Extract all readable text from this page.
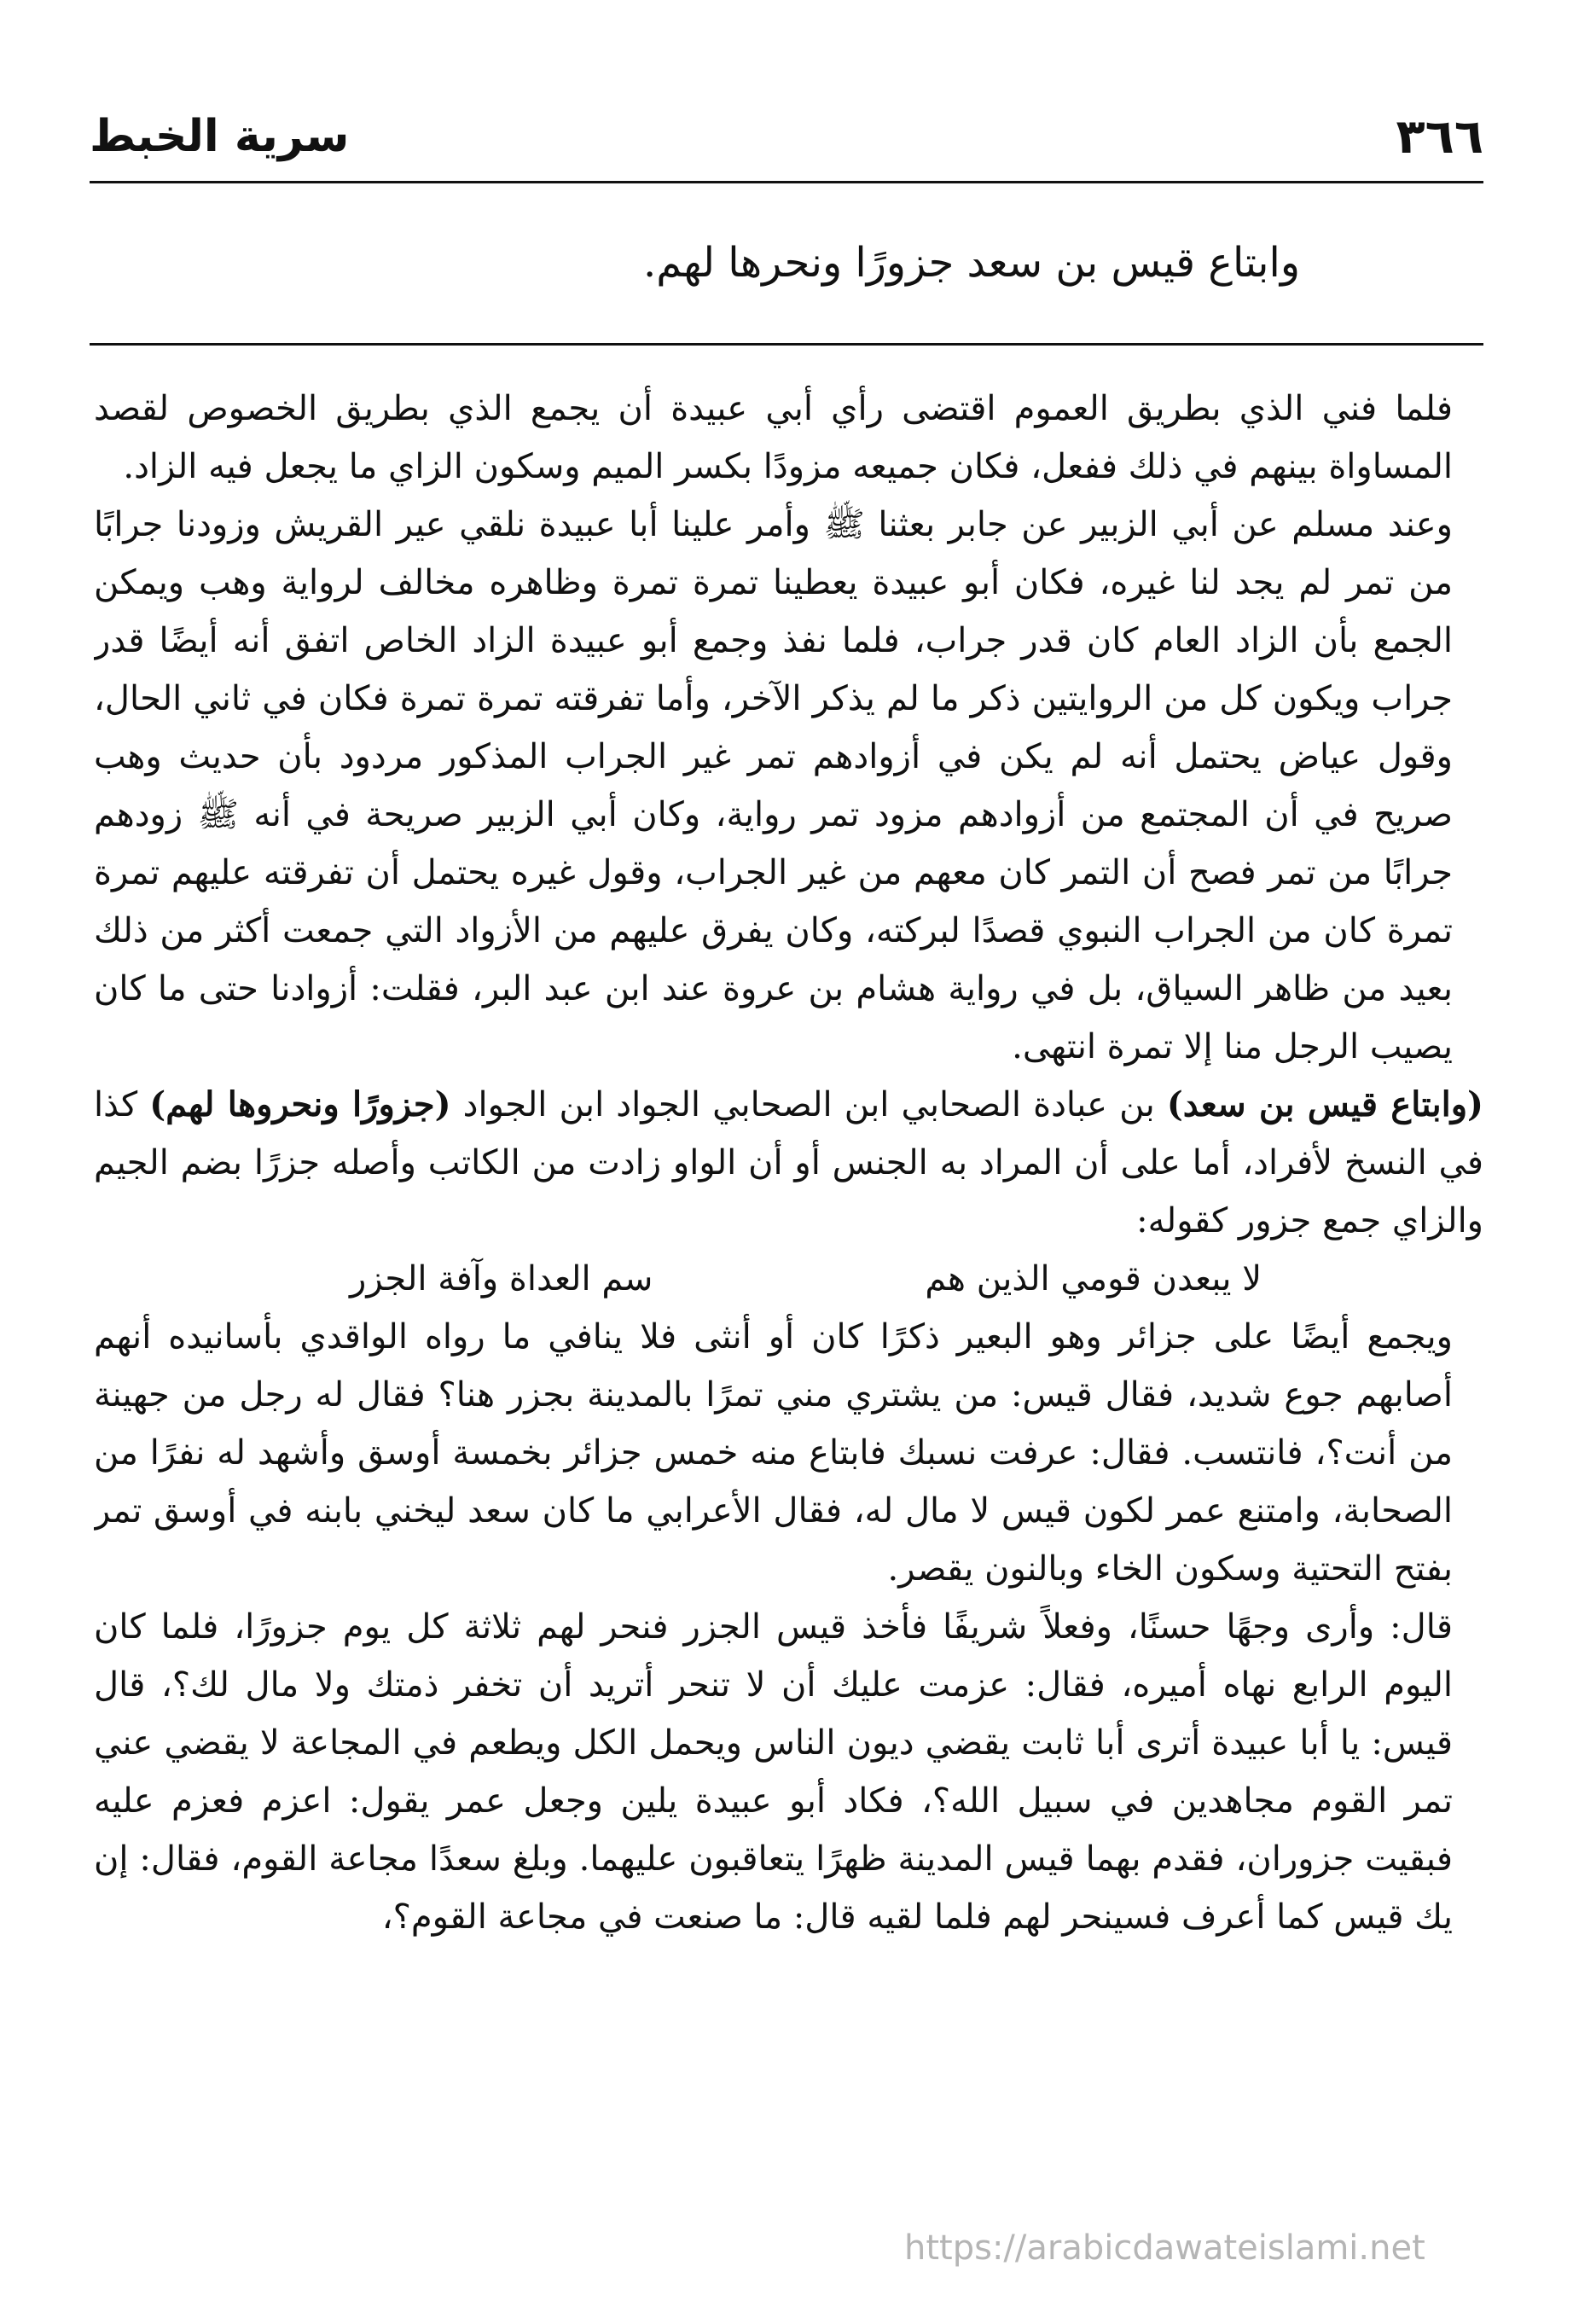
٣٦٦
سرية الخبط
وابتاع قيس بن سعد جزورًا ونحرها لهم.

فلما فني الذي بطريق العموم اقتضى رأي أبي عبيدة أن يجمع الذي بطريق الخصوص لقصد المساواة بينهم في ذلك ففعل، فكان جميعه مزودًا بكسر الميم وسكون الزاي ما يجعل فيه الزاد.

وعند مسلم عن أبي الزبير عن جابر بعثنا ﷺ وأمر علينا أبا عبيدة نلقي عير القريش وزودنا جرابًا من تمر لم يجد لنا غيره، فكان أبو عبيدة يعطينا تمرة تمرة وظاهره مخالف لرواية وهب ويمكن الجمع بأن الزاد العام كان قدر جراب، فلما نفذ وجمع أبو عبيدة الزاد الخاص اتفق أنه أيضًا قدر جراب ويكون كل من الروايتين ذكر ما لم يذكر الآخر، وأما تفرقته تمرة تمرة فكان في ثاني الحال، وقول عياض يحتمل أنه لم يكن في أزوادهم تمر غير الجراب المذكور مردود بأن حديث وهب صريح في أن المجتمع من أزوادهم مزود تمر رواية، وكان أبي الزبير صريحة في أنه ﷺ زودهم جرابًا من تمر فصح أن التمر كان معهم من غير الجراب، وقول غيره يحتمل أن تفرقته عليهم تمرة تمرة كان من الجراب النبوي قصدًا لبركته، وكان يفرق عليهم من الأزواد التي جمعت أكثر من ذلك بعيد من ظاهر السياق، بل في رواية هشام بن عروة عند ابن عبد البر، فقلت: أزوادنا حتى ما كان يصيب الرجل منا إلا تمرة انتهى.

(وابتاع قيس بن سعد) بن عبادة الصحابي ابن الصحابي الجواد ابن الجواد (جزورًا ونحروها لهم) كذا في النسخ لأفراد، أما على أن المراد به الجنس أو أن الواو زادت من الكاتب وأصله جزرًا بضم الجيم والزاي جمع جزور كقوله:

لا يبعدن قومي الذين هم
سم العداة وآفة الجزر

ويجمع أيضًا على جزائر وهو البعير ذكرًا كان أو أنثى فلا ينافي ما رواه الواقدي بأسانيده أنهم أصابهم جوع شديد، فقال قيس: من يشتري مني تمرًا بالمدينة بجزر هنا؟ فقال له رجل من جهينة من أنت؟، فانتسب. فقال: عرفت نسبك فابتاع منه خمس جزائر بخمسة أوسق وأشهد له نفرًا من الصحابة، وامتنع عمر لكون قيس لا مال له، فقال الأعرابي ما كان سعد ليخني بابنه في أوسق تمر بفتح التحتية وسكون الخاء وبالنون يقصر.

قال: وأرى وجهًا حسنًا، وفعلاً شريفًا فأخذ قيس الجزر فنحر لهم ثلاثة كل يوم جزورًا، فلما كان اليوم الرابع نهاه أميره، فقال: عزمت عليك أن لا تنحر أتريد أن تخفر ذمتك ولا مال لك؟، قال قيس: يا أبا عبيدة أترى أبا ثابت يقضي ديون الناس ويحمل الكل ويطعم في المجاعة لا يقضي عني تمر القوم مجاهدين في سبيل الله؟، فكاد أبو عبيدة يلين وجعل عمر يقول: اعزم فعزم عليه فبقيت جزوران، فقدم بهما قيس المدينة ظهرًا يتعاقبون عليهما. وبلغ سعدًا مجاعة القوم، فقال: إن يك قيس كما أعرف فسينحر لهم فلما لقيه قال: ما صنعت في مجاعة القوم؟،

https://arabicdawateislami.net
